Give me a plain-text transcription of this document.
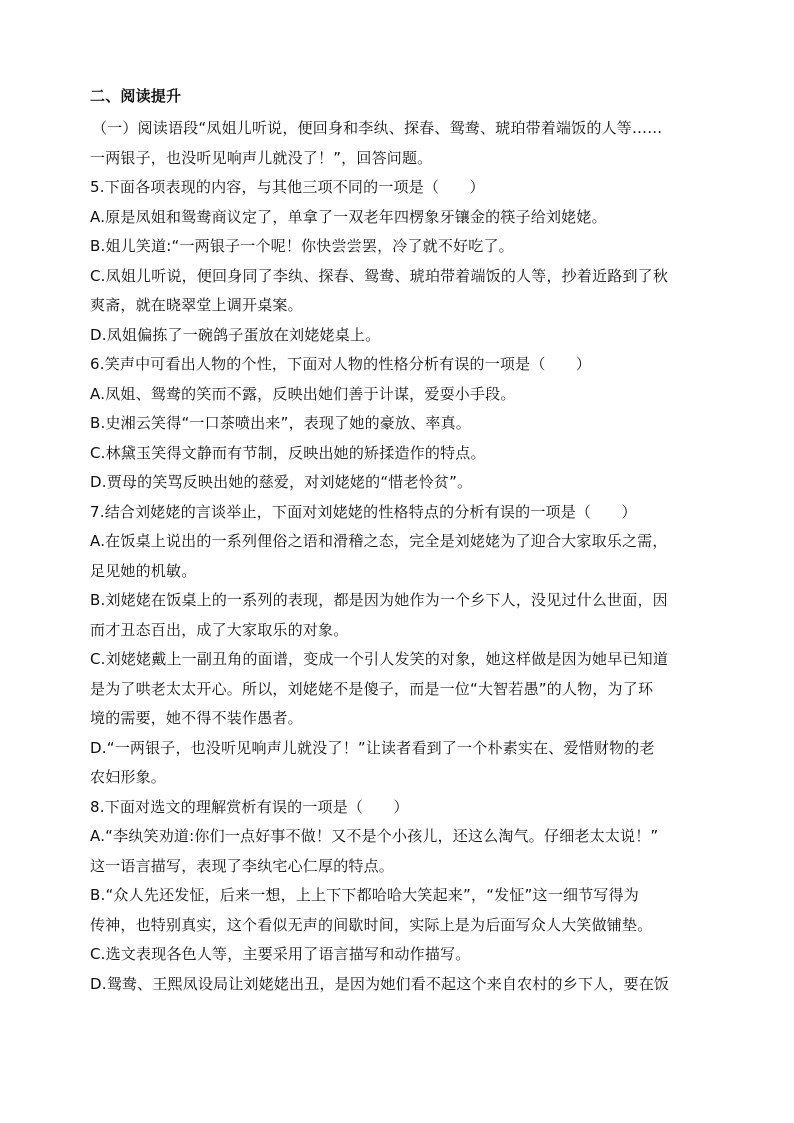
二、阅读提升
（一）阅读语段“凤姐儿听说，便回身和李纨、探春、鸳鸯、琥珀带着端饭的人等……
一两银子，也没听见响声儿就没了！”，回答问题。
5.下面各项表现的内容，与其他三项不同的一项是（　　）
A.原是凤姐和鸳鸯商议定了，单拿了一双老年四楞象牙镶金的筷子给刘姥姥。
B.姐儿笑道:“一两银子一个呢！你快尝尝罢，冷了就不好吃了。
C.凤姐儿听说，便回身同了李纨、探春、鸳鸯、琥珀带着端饭的人等，抄着近路到了秋
爽斋，就在晓翠堂上调开桌案。
D.凤姐偏拣了一碗鸽子蛋放在刘姥姥桌上。
6.笑声中可看出人物的个性，下面对人物的性格分析有误的一项是（　　）
A.凤姐、鸳鸯的笑而不露，反映出她们善于计谋，爱耍小手段。
B.史湘云笑得“一口茶喷出来”，表现了她的豪放、率真。
C.林黛玉笑得文静而有节制，反映出她的矫揉造作的特点。
D.贾母的笑骂反映出她的慈爱，对刘姥姥的“惜老怜贫”。
7.结合刘姥姥的言谈举止，下面对刘姥姥的性格特点的分析有误的一项是（　　）
A.在饭桌上说出的一系列俚俗之语和滑稽之态，完全是刘姥姥为了迎合大家取乐之需，
足见她的机敏。
B.刘姥姥在饭桌上的一系列的表现，都是因为她作为一个乡下人，没见过什么世面，因
而才丑态百出，成了大家取乐的对象。
C.刘姥姥戴上一副丑角的面谱，变成一个引人发笑的对象，她这样做是因为她早已知道
是为了哄老太太开心。所以，刘姥姥不是傻子，而是一位“大智若愚”的人物，为了环
境的需要，她不得不装作愚者。
D.“一两银子，也没听见响声儿就没了！”让读者看到了一个朴素实在、爱惜财物的老
农妇形象。
8.下面对选文的理解赏析有误的一项是（　　）
A.“李纨笑劝道:你们一点好事不做！又不是个小孩儿，还这么淘气。仔细老太太说！”
这一语言描写，表现了李纨宅心仁厚的特点。
B.“众人先还发怔，后来一想，上上下下都哈哈大笑起来”，“发怔”这一细节写得为
传神，也特别真实，这个看似无声的间歇时间，实际上是为后面写众人大笑做铺垫。
C.选文表现各色人等，主要采用了语言描写和动作描写。
D.鸳鸯、王熙凤设局让刘姥姥出丑，是因为她们看不起这个来自农村的乡下人，要在饭
